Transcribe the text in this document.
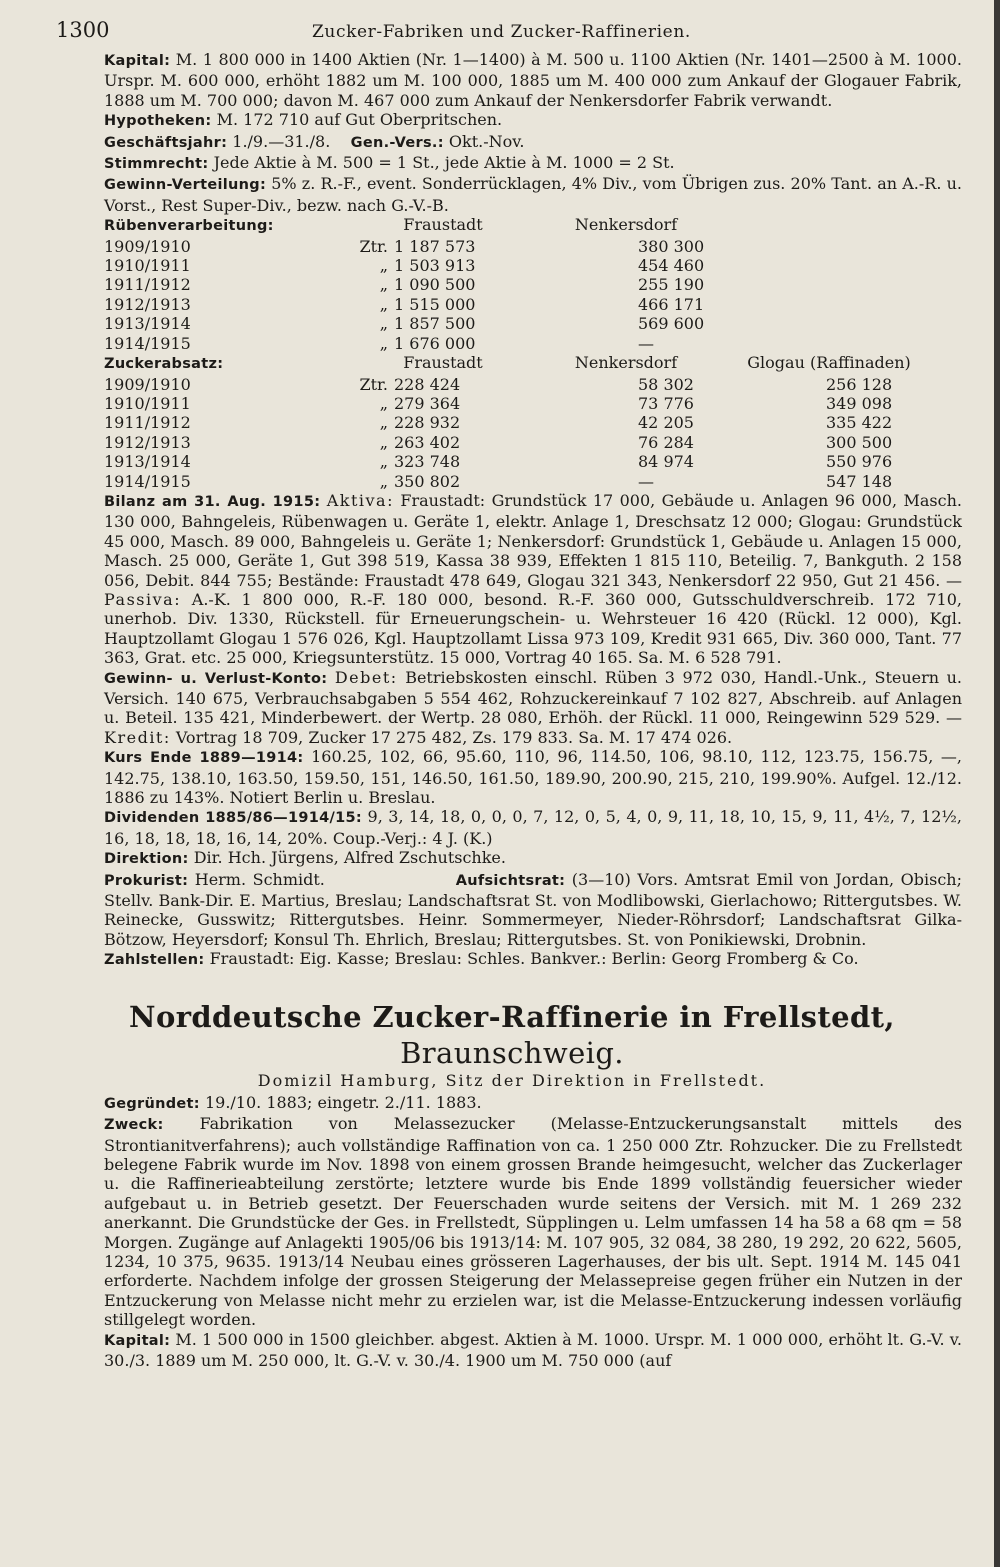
1300	Zucker-Fabriken und Zucker-Raffinerien.

Kapital: M. 1 800 000 in 1400 Aktien (Nr. 1—1400) à M. 500 u. 1100 Aktien (Nr. 1401—2500 à M. 1000. Urspr. M. 600 000, erhöht 1882 um M. 100 000, 1885 um M. 400 000 zum Ankauf der Glogauer Fabrik, 1888 um M. 700 000; davon M. 467 000 zum Ankauf der Nenkersdorfer Fabrik verwandt.

Hypotheken: M. 172 710 auf Gut Oberpritschen.

Geschäftsjahr: 1./9.—31./8. Gen.-Vers.: Okt.-Nov.

Stimmrecht: Jede Aktie à M. 500 = 1 St., jede Aktie à M. 1000 = 2 St.

Gewinn-Verteilung: 5% z. R.-F., event. Sonderrücklagen, 4% Div., vom Übrigen zus. 20% Tant. an A.-R. u. Vorst., Rest Super-Div., bezw. nach G.-V.-B.

Rübenverarbeitung:	Fraustadt	Nenkersdorf
1909/1910	Ztr. 1 187 573	380 300
1910/1911	„ 1 503 913	454 460
1911/1912	„ 1 090 500	255 190
1912/1913	„ 1 515 000	466 171
1913/1914	„ 1 857 500	569 600
1914/1915	„ 1 676 000	—
Zuckerabsatz:	Fraustadt	Nenkersdorf	Glogau (Raffinaden)
1909/1910	Ztr. 228 424	58 302	256 128
1910/1911	„ 279 364	73 776	349 098
1911/1912	„ 228 932	42 205	335 422
1912/1913	„ 263 402	76 284	300 500
1913/1914	„ 323 748	84 974	550 976
1914/1915	„ 350 802	—	547 148

Bilanz am 31. Aug. 1915: Aktiva: Fraustadt: Grundstück 17 000, Gebäude u. Anlagen 96 000, Masch. 130 000, Bahngeleis, Rübenwagen u. Geräte 1, elektr. Anlage 1, Dreschsatz 12 000; Glogau: Grundstück 45 000, Masch. 89 000, Bahngeleis u. Geräte 1; Nenkersdorf: Grundstück 1, Gebäude u. Anlagen 15 000, Masch. 25 000, Geräte 1, Gut 398 519, Kassa 38 939, Effekten 1 815 110, Beteilig. 7, Bankguth. 2 158 056, Debit. 844 755; Bestände: Fraustadt 478 649, Glogau 321 343, Nenkersdorf 22 950, Gut 21 456. — Passiva: A.-K. 1 800 000, R.-F. 180 000, besond. R.-F. 360 000, Gutsschuldverschreib. 172 710, unerhob. Div. 1330, Rückstell. für Erneuerungschein- u. Wehrsteuer 16 420 (Rückl. 12 000), Kgl. Hauptzollamt Glogau 1 576 026, Kgl. Hauptzollamt Lissa 973 109, Kredit 931 665, Div. 360 000, Tant. 77 363, Grat. etc. 25 000, Kriegsunterstütz. 15 000, Vortrag 40 165. Sa. M. 6 528 791.

Gewinn- u. Verlust-Konto: Debet: Betriebskosten einschl. Rüben 3 972 030, Handl.-Unk., Steuern u. Versich. 140 675, Verbrauchsabgaben 5 554 462, Rohzuckereinkauf 7 102 827, Abschreib. auf Anlagen u. Beteil. 135 421, Minderbewert. der Wertp. 28 080, Erhöh. der Rückl. 11 000, Reingewinn 529 529. — Kredit: Vortrag 18 709, Zucker 17 275 482, Zs. 179 833. Sa. M. 17 474 026.

Kurs Ende 1889—1914: 160.25, 102, 66, 95.60, 110, 96, 114.50, 106, 98.10, 112, 123.75, 156.75, —, 142.75, 138.10, 163.50, 159.50, 151, 146.50, 161.50, 189.90, 200.90, 215, 210, 199.90%. Aufgel. 12./12. 1886 zu 143%. Notiert Berlin u. Breslau.

Dividenden 1885/86—1914/15: 9, 3, 14, 18, 0, 0, 0, 7, 12, 0, 5, 4, 0, 9, 11, 18, 10, 15, 9, 11, 4½, 7, 12½, 16, 18, 18, 18, 16, 14, 20%. Coup.-Verj.: 4 J. (K.)

Direktion: Dir. Hch. Jürgens, Alfred Zschutschke.

Prokurist: Herm. Schmidt.	Aufsichtsrat: (3—10) Vors. Amtsrat Emil von Jordan, Obisch; Stellv. Bank-Dir. E. Martius, Breslau; Landschaftsrat St. von Modlibowski, Gierlachowo; Rittergutsbes. W. Reinecke, Gusswitz; Rittergutsbes. Heinr. Sommermeyer, Nieder-Röhrsdorf; Landschaftsrat Gilka-Bötzow, Heyersdorf; Konsul Th. Ehrlich, Breslau; Rittergutsbes. St. von Ponikiewski, Drobnin.

Zahlstellen: Fraustadt: Eig. Kasse; Breslau: Schles. Bankver.: Berlin: Georg Fromberg & Co.

Norddeutsche Zucker-Raffinerie in Frellstedt, Braunschweig.
Domizil Hamburg, Sitz der Direktion in Frellstedt.

Gegründet: 19./10. 1883; eingetr. 2./11. 1883.

Zweck: Fabrikation von Melassezucker (Melasse-Entzuckerungsanstalt mittels des Strontianitverfahrens); auch vollständige Raffination von ca. 1 250 000 Ztr. Rohzucker. Die zu Frellstedt belegene Fabrik wurde im Nov. 1898 von einem grossen Brande heimgesucht, welcher das Zuckerlager u. die Raffinerieabteilung zerstörte; letztere wurde bis Ende 1899 vollständig feuersicher wieder aufgebaut u. in Betrieb gesetzt. Der Feuerschaden wurde seitens der Versich. mit M. 1 269 232 anerkannt. Die Grundstücke der Ges. in Frellstedt, Süpplingen u. Lelm umfassen 14 ha 58 a 68 qm = 58 Morgen. Zugänge auf Anlagekti 1905/06 bis 1913/14: M. 107 905, 32 084, 38 280, 19 292, 20 622, 5605, 1234, 10 375, 9635. 1913/14 Neubau eines grösseren Lagerhauses, der bis ult. Sept. 1914 M. 145 041 erforderte. Nachdem infolge der grossen Steigerung der Melassepreise gegen früher ein Nutzen in der Entzuckerung von Melasse nicht mehr zu erzielen war, ist die Melasse-Entzuckerung indessen vorläufig stillgelegt worden.

Kapital: M. 1 500 000 in 1500 gleichber. abgest. Aktien à M. 1000. Urspr. M. 1 000 000, erhöht lt. G.-V. v. 30./3. 1889 um M. 250 000, lt. G.-V. v. 30./4. 1900 um M. 750 000 (auf
